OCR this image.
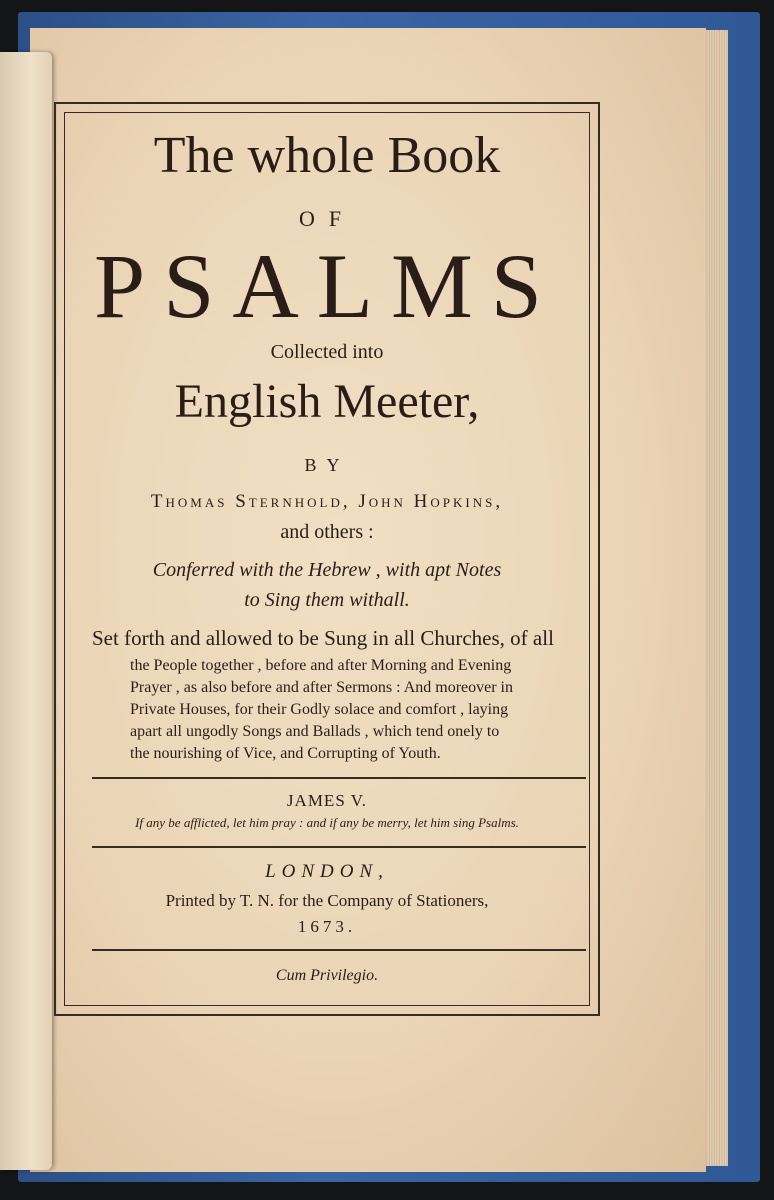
The whole Book
OF
PSALMS
Collected into
English Meeter,
BY
Thomas Sternhold, John Hopkins,
and others :
Conferred with the Hebrew , with apt Notes
to Sing them withall.
Set forth and allowed to be Sung in all Churches, of all
the People together , before and after Morning and Evening
Prayer , as also before and after Sermons : And moreover in
Private Houses, for their Godly solace and comfort , laying
apart all ungodly Songs and Ballads , which tend onely to
the nourishing of Vice, and Corrupting of Youth.
JAMES V.
If any be afflicted, let him pray : and if any be merry, let him sing Psalms.
LONDON,
Printed by T. N. for the Company of Stationers,
1673.
Cum Privilegio.
